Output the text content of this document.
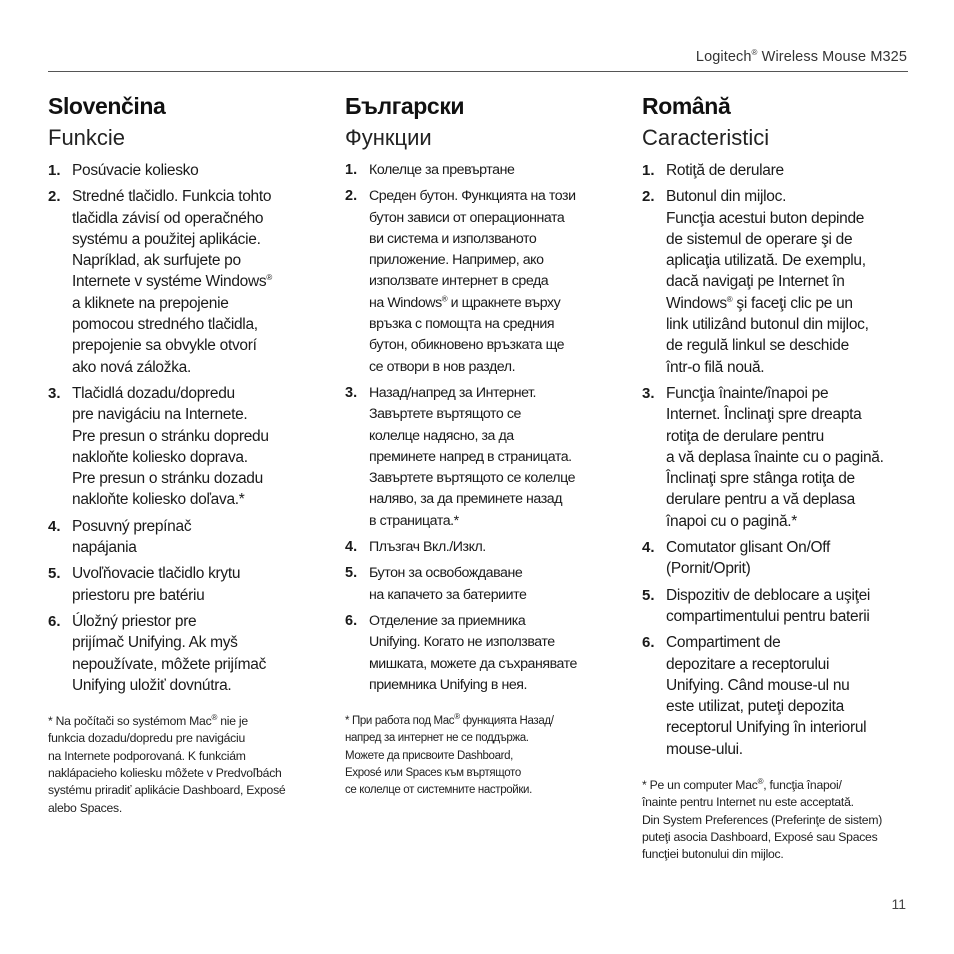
Logitech® Wireless Mouse M325
Slovenčina
Funkcie
1. Posúvacie koliesko
2. Stredné tlačidlo. Funkcia tohto
tlačidla závisí od operačného
systému a použitej aplikácie.
Napríklad, ak surfujete po
Internete v systéme Windows®
a kliknete na prepojenie
pomocou stredného tlačidla,
prepojenie sa obvykle otvorí
ako nová záložka.
3. Tlačidlá dozadu/dopredu
pre navigáciu na Internete.
Pre presun o stránku dopredu
nakloňte koliesko doprava.
Pre presun o stránku dozadu
nakloňte koliesko doľava.*
4. Posuvný prepínač
napájania
5. Uvoľňovacie tlačidlo krytu
priestoru pre batériu
6. Úložný priestor pre
prijímač Unifying. Ak myš
nepoužívate, môžete prijímač
Unifying uložiť dovnútra.
* Na počítači so systémom Mac® nie je
funkcia dozadu/dopredu pre navigáciu
na Internete podporovaná. K funkciám
naklápacieho koliesku môžete v Predvoľbách
systému priradiť aplikácie Dashboard, Exposé
alebo Spaces.
Български
Функции
1. Колелце за превъртане
2. Среден бутон. Функцията на този
бутон зависи от операционната
ви система и използваното
приложение. Например, ако
използвате интернет в среда
на Windows® и щракнете върху
връзка с помощта на средния
бутон, обикновено връзката ще
се отвори в нов раздел.
3. Назад/напред за Интернет.
Завъртете въртящото се
колелце надясно, за да
преминете напред в страницата.
Завъртете въртящото се колелце
наляво, за да преминете назад
в страницата.*
4. Плъзгач Вкл./Изкл.
5. Бутон за освобождаване
на капачето за батериите
6. Отделение за приемника
Unifying. Когато не използвате
мишката, можете да съхранявате
приемника Unifying в нея.
* При работа под Mac® функцията Назад/
напред за интернет не се поддържа.
Можете да присвоите Dashboard,
Exposé или Spaces към въртящото
се колелце от системните настройки.
Română
Caracteristici
1. Rotiţă de derulare
2. Butonul din mijloc.
Funcţia acestui buton depinde
de sistemul de operare şi de
aplicaţia utilizată. De exemplu,
dacă navigaţi pe Internet în
Windows® şi faceţi clic pe un
link utilizând butonul din mijloc,
de regulă linkul se deschide
într-o filă nouă.
3. Funcţia înainte/înapoi pe
Internet. Înclinaţi spre dreapta
rotiţa de derulare pentru
a vă deplasa înainte cu o pagină.
Înclinaţi spre stânga rotiţa de
derulare pentru a vă deplasa
înapoi cu o pagină.*
4. Comutator glisant On/Off
(Pornit/Oprit)
5. Dispozitiv de deblocare a uşiţei
compartimentului pentru baterii
6. Compartiment de
depozitare a receptorului
Unifying. Când mouse-ul nu
este utilizat, puteţi depozita
receptorul Unifying în interiorul
mouse-ului.
* Pe un computer Mac®, funcţia înapoi/
înainte pentru Internet nu este acceptată.
Din System Preferences (Preferinţe de sistem)
puteţi asocia Dashboard, Exposé sau Spaces
funcţiei butonului din mijloc.
11
